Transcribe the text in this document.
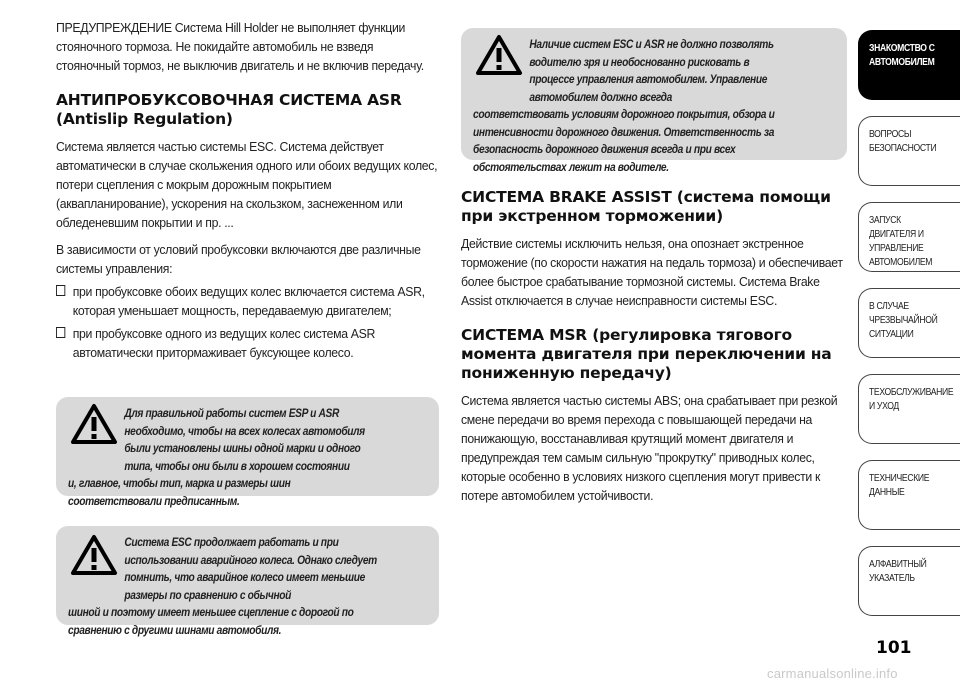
ПРЕДУПРЕЖДЕНИЕ Система Hill Holder не выполняет функции стояночного тормоза. Не покидайте автомобиль не взведя стояночный тормоз, не выключив двигатель и не включив передачу.

АНТИПРОБУКСОВОЧНАЯ СИСТЕМА ASR (Antislip Regulation)

Система является частью системы ESC. Система действует автоматически в случае скольжения одного или обоих ведущих колес, потери сцепления с мокрым дорожным покрытием (аквапланирование), ускорения на скользком, заснеженном или обледеневшим покрытии и пр. ...

В зависимости от условий пробуксовки включаются две различные системы управления:

при пробуксовке обоих ведущих колес включается система ASR, которая уменьшает мощность, передаваемую двигателем;
при пробуксовке одного из ведущих колес система ASR автоматически притормаживает буксующее колесо.
Для правильной работы систем ESP и ASR необходимо, чтобы на всех колесах автомобиля были установлены шины одной марки и одного типа, чтобы они были в хорошем состоянии
и, главное, чтобы тип, марка и размеры шин соответствовали предписанным.
Система ESC продолжает работать и при использовании аварийного колеса. Однако следует помнить, что аварийное колесо имеет меньшие размеры по сравнению с обычной
шиной и поэтому имеет меньшее сцепление с дорогой по сравнению с другими шинами автомобиля.
Наличие систем ESC и ASR не должно позволять водителю зря и необоснованно рисковать в процессе управления автомобилем. Управление автомобилем должно всегда
соответствовать условиям дорожного покрытия, обзора и интенсивности дорожного движения. Ответственность за безопасность дорожного движения всегда и при всех обстоятельствах лежит на водителе.
СИСТЕМА BRAKE ASSIST (система помощи при экстренном торможении)

Действие системы исключить нельзя, она опознает экстренное торможение (по скорости нажатия на педаль тормоза) и обеспечивает более быстрое срабатывание тормозной системы. Система Brake Assist отключается в случае неисправности системы ESC.

СИСТЕМА MSR (регулировка тягового момента двигателя при переключении на пониженную передачу)

Система является частью системы ABS; она срабатывает при резкой смене передачи во время перехода с повышающей передачи на понижающую, восстанавливая крутящий момент двигателя и предупреждая тем самым сильную "прокрутку" приводных колес, которые особенно в условиях низкого сцепления могут привести к потере автомобилем устойчивости.

ЗНАКОМСТВО С
АВТОМОБИЛЕМ
ВОПРОСЫ
БЕЗОПАСНОСТИ
ЗАПУСК ДВИГАТЕЛЯ И
УПРАВЛЕНИЕ
АВТОМОБИЛЕМ
В СЛУЧАЕ
ЧРЕЗВЫЧАЙНОЙ
СИТУАЦИИ
ТЕХОБСЛУЖИВАНИЕ
И УХОД
ТЕХНИЧЕСКИЕ
ДАННЫЕ
АЛФАВИТНЫЙ
УКАЗАТЕЛЬ
101
carmanualsonline.info
